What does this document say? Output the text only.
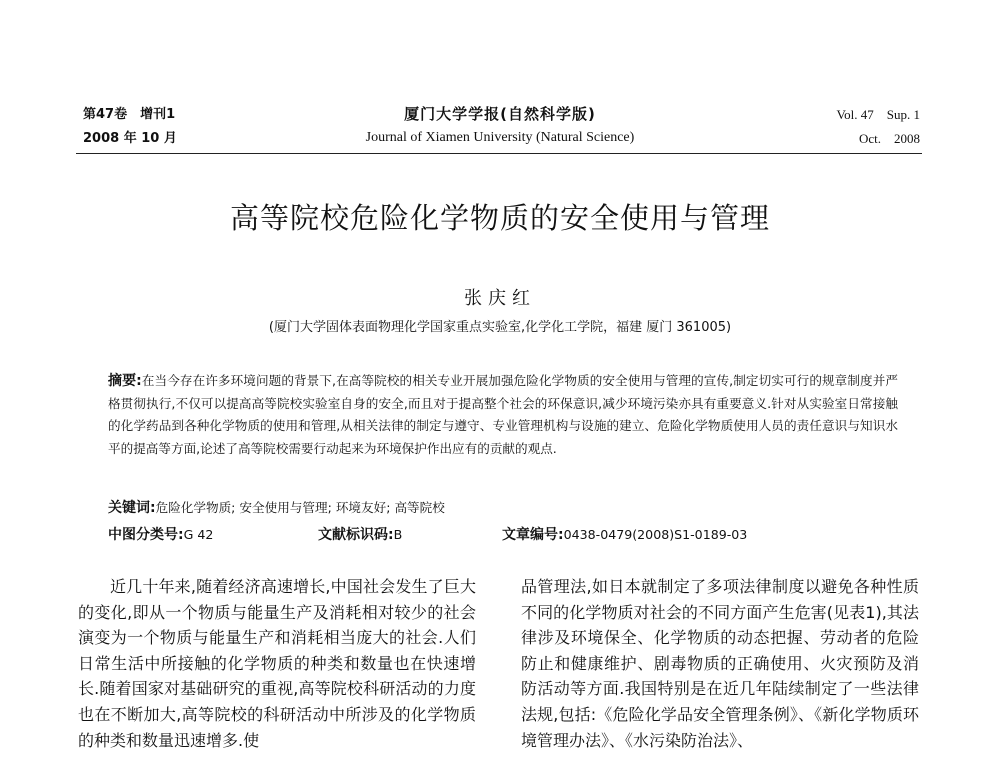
第47卷　增刊1
2008 年 10 月
厦门大学学报(自然科学版)
Journal of Xiamen University (Natural Science)
Vol. 47　Sup. 1
Oct.　2008
高等院校危险化学物质的安全使用与管理
张庆红
(厦门大学固体表面物理化学国家重点实验室,化学化工学院，福建 厦门 361005)
摘要:在当今存在许多环境问题的背景下,在高等院校的相关专业开展加强危险化学物质的安全使用与管理的宣传,制定切实可行的规章制度并严格贯彻执行,不仅可以提高高等院校实验室自身的安全,而且对于提高整个社会的环保意识,减少环境污染亦具有重要意义.针对从实验室日常接触的化学药品到各种化学物质的使用和管理,从相关法律的制定与遵守、专业管理机构与设施的建立、危险化学物质使用人员的责任意识与知识水平的提高等方面,论述了高等院校需要行动起来为环境保护作出应有的贡献的观点.
关键词:危险化学物质; 安全使用与管理; 环境友好; 高等院校
中图分类号:G 42	文献标识码:B	文章编号:0438-0479(2008)S1-0189-03

近几十年来,随着经济高速增长,中国社会发生了巨大的变化,即从一个物质与能量生产及消耗相对较少的社会演变为一个物质与能量生产和消耗相当庞大的社会.人们日常生活中所接触的化学物质的种类和数量也在快速增长.随着国家对基础研究的重视,高等院校科研活动的力度也在不断加大,高等院校的科研活动中所涉及的化学物质的种类和数量迅速增多.使

品管理法,如日本就制定了多项法律制度以避免各种性质不同的化学物质对社会的不同方面产生危害(见表1),其法律涉及环境保全、化学物质的动态把握、劳动者的危险防止和健康维护、剧毒物质的正确使用、火灾预防及消防活动等方面.我国特别是在近几年陆续制定了一些法律法规,包括:《危险化学品安全管理条例》、《新化学物质环境管理办法》、《水污染防治法》、
